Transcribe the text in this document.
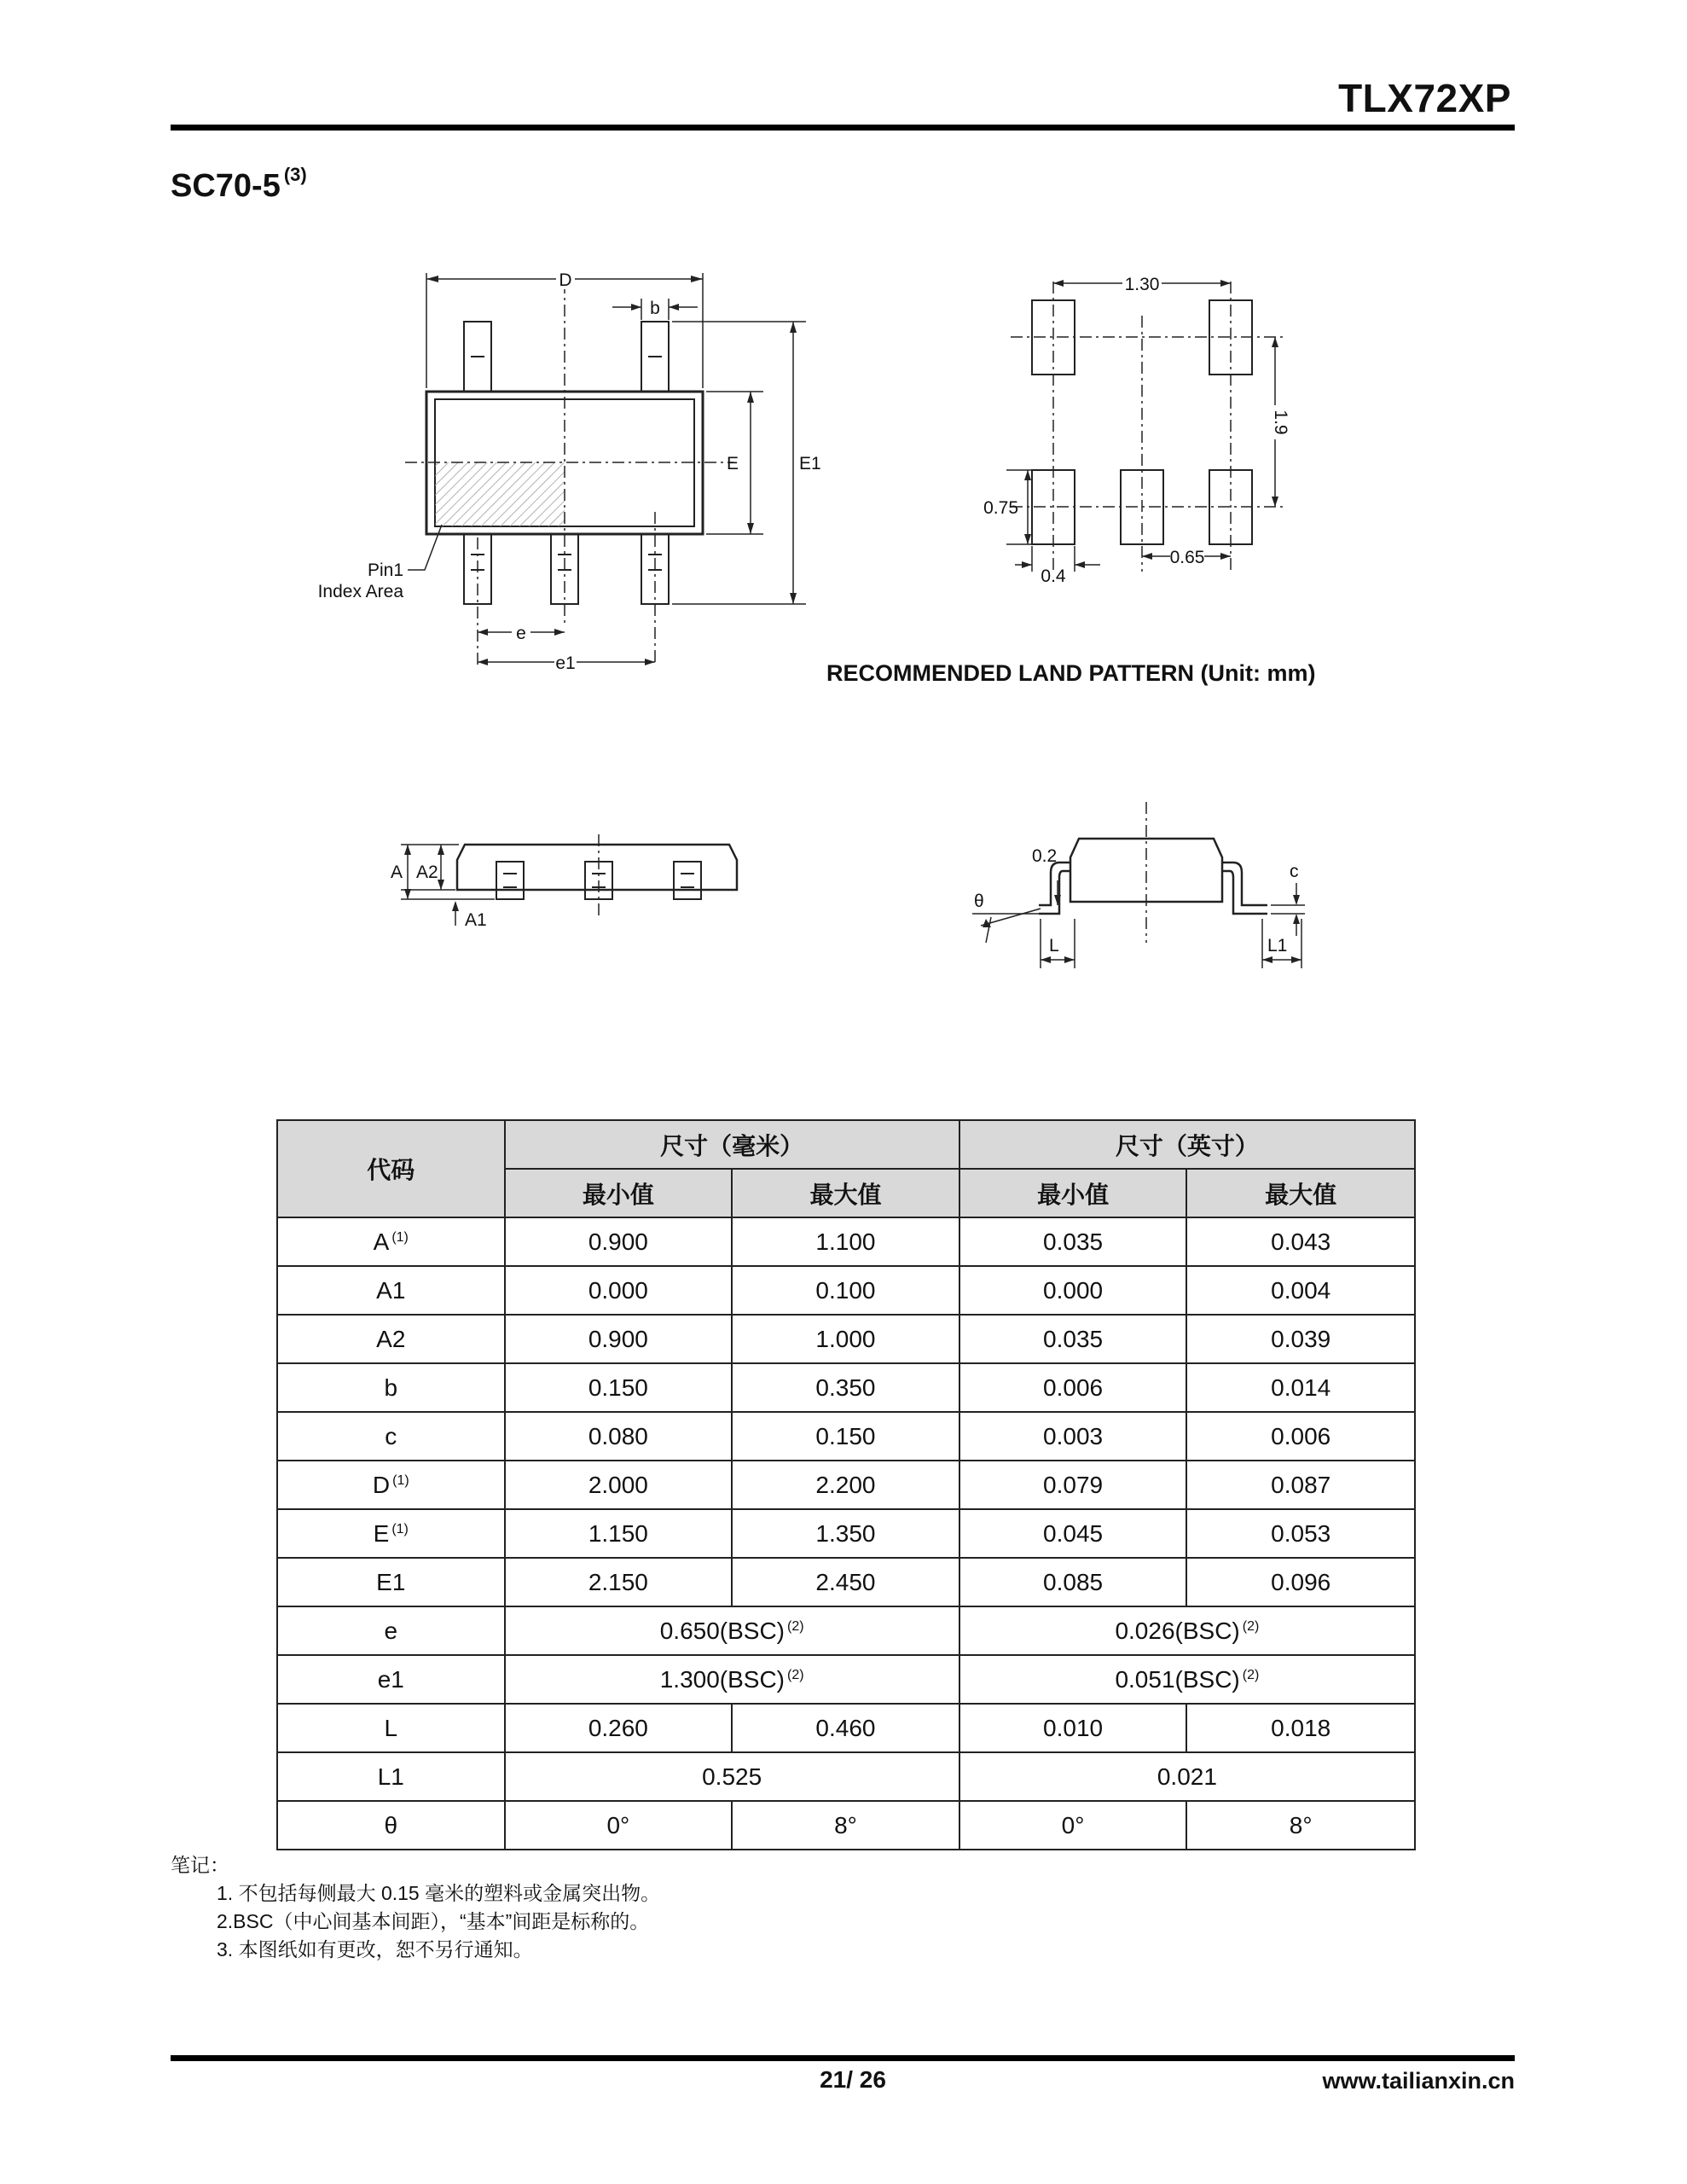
TLX72XP
SC70-5 $^{(3)}$
D
b
E	E1
e
e1
Pin1
Index Area
1.30
1.9
0.75
0.4
0.65
RECOMMENDED LAND PATTERN (Unit: mm)
A A2
A1
0.2
θ
c
L	L1
代码	尺寸（毫米）		尺寸（英寸）	
	最小值	最大值	最小值	最大值
A $^{(1)}$	0.900	1.100	0.035	0.043
A1	0.000	0.100	0.000	0.004
A2	0.900	1.000	0.035	0.039
b	0.150	0.350	0.006	0.014
c	0.080	0.150	0.003	0.006
D $^{(1)}$	2.000	2.200	0.079	0.087
E $^{(1)}$	1.150	1.350	0.045	0.053
E1	2.150	2.450	0.085	0.096
e	0.650(BSC) $^{(2)}$		0.026(BSC) $^{(2)}$
e1	1.300(BSC) $^{(2)}$		0.051(BSC) $^{(2)}$
L	0.260	0.460	0.010	0.018
L1	0.525		0.021	
θ	0°	8°	0°	8°
笔记：
1. 不包括每侧最大 0.15 毫米的塑料或金属突出物。
2.BSC（中心间基本间距），“基本”间距是标称的。
3. 本图纸如有更改，恕不另行通知。
21/ 26	www.tailianxin.cn
